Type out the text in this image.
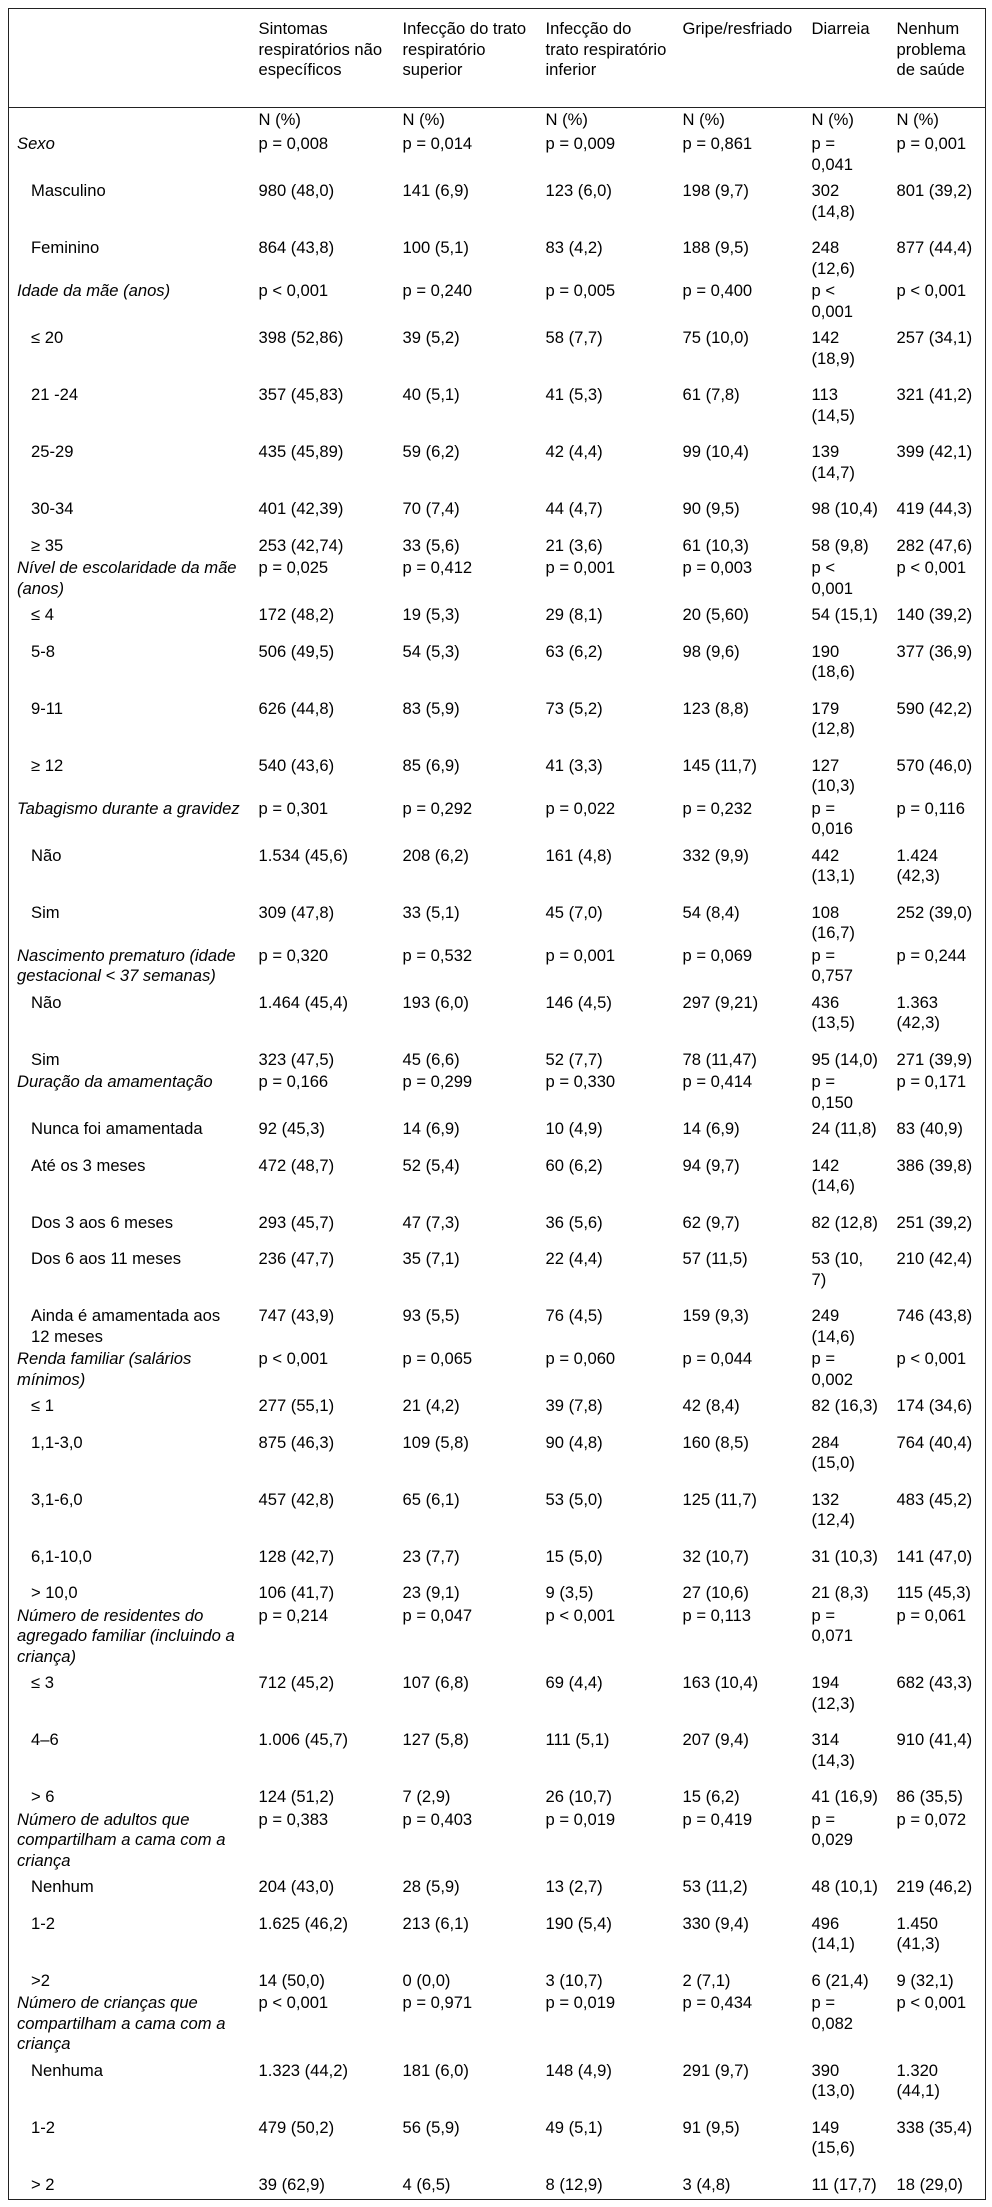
	Sintomas respiratórios não específicos	Infecção do trato respiratório superior	Infecção do trato respiratório inferior	Gripe/resfriado	Diarreia	Nenhum problema de saúde
	N (%)	N (%)	N (%)	N (%)	N (%)	N (%)
Sexo	p = 0,008	p = 0,014	p = 0,009	p = 0,861	p = 0,041	p = 0,001
Masculino	980 (48,0)	141 (6,9)	123 (6,0)	198 (9,7)	302 (14,8)	801 (39,2)
Feminino	864 (43,8)	100 (5,1)	83 (4,2)	188 (9,5)	248 (12,6)	877 (44,4)
Idade da mãe (anos)	p < 0,001	p = 0,240	p = 0,005	p = 0,400	p < 0,001	p < 0,001
≤ 20	398 (52,86)	39 (5,2)	58 (7,7)	75 (10,0)	142 (18,9)	257 (34,1)
21 -24	357 (45,83)	40 (5,1)	41 (5,3)	61 (7,8)	113 (14,5)	321 (41,2)
25-29	435 (45,89)	59 (6,2)	42 (4,4)	99 (10,4)	139 (14,7)	399 (42,1)
30-34	401 (42,39)	70 (7,4)	44 (4,7)	90 (9,5)	98 (10,4)	419 (44,3)
≥ 35	253 (42,74)	33 (5,6)	21 (3,6)	61 (10,3)	58 (9,8)	282 (47,6)
Nível de escolaridade da mãe (anos)	p = 0,025	p = 0,412	p = 0,001	p = 0,003	p < 0,001	p < 0,001
≤ 4	172 (48,2)	19 (5,3)	29 (8,1)	20 (5,60)	54 (15,1)	140 (39,2)
5-8	506 (49,5)	54 (5,3)	63 (6,2)	98 (9,6)	190 (18,6)	377 (36,9)
9-11	626 (44,8)	83 (5,9)	73 (5,2)	123 (8,8)	179 (12,8)	590 (42,2)
≥ 12	540 (43,6)	85 (6,9)	41 (3,3)	145 (11,7)	127 (10,3)	570 (46,0)
Tabagismo durante a gravidez	p = 0,301	p = 0,292	p = 0,022	p = 0,232	p = 0,016	p = 0,116
Não	1.534 (45,6)	208 (6,2)	161 (4,8)	332 (9,9)	442 (13,1)	1.424 (42,3)
Sim	309 (47,8)	33 (5,1)	45 (7,0)	54 (8,4)	108 (16,7)	252 (39,0)
Nascimento prematuro (idade gestacional < 37 semanas)	p = 0,320	p = 0,532	p = 0,001	p = 0,069	p = 0,757	p = 0,244
Não	1.464 (45,4)	193 (6,0)	146 (4,5)	297 (9,21)	436 (13,5)	1.363 (42,3)
Sim	323 (47,5)	45 (6,6)	52 (7,7)	78 (11,47)	95 (14,0)	271 (39,9)
Duração da amamentação	p = 0,166	p = 0,299	p = 0,330	p = 0,414	p = 0,150	p = 0,171
Nunca foi amamentada	92 (45,3)	14 (6,9)	10 (4,9)	14 (6,9)	24 (11,8)	83 (40,9)
Até os 3 meses	472 (48,7)	52 (5,4)	60 (6,2)	94 (9,7)	142 (14,6)	386 (39,8)
Dos 3 aos 6 meses	293 (45,7)	47 (7,3)	36 (5,6)	62 (9,7)	82 (12,8)	251 (39,2)
Dos 6 aos 11 meses	236 (47,7)	35 (7,1)	22 (4,4)	57 (11,5)	53 (10, 7)	210 (42,4)
Ainda é amamentada aos 12 meses	747 (43,9)	93 (5,5)	76 (4,5)	159 (9,3)	249 (14,6)	746 (43,8)
Renda familiar (salários mínimos)	p < 0,001	p = 0,065	p = 0,060	p = 0,044	p = 0,002	p < 0,001
≤ 1	277 (55,1)	21 (4,2)	39 (7,8)	42 (8,4)	82 (16,3)	174 (34,6)
1,1-3,0	875 (46,3)	109 (5,8)	90 (4,8)	160 (8,5)	284 (15,0)	764 (40,4)
3,1-6,0	457 (42,8)	65 (6,1)	53 (5,0)	125 (11,7)	132 (12,4)	483 (45,2)
6,1-10,0	128 (42,7)	23 (7,7)	15 (5,0)	32 (10,7)	31 (10,3)	141 (47,0)
> 10,0	106 (41,7)	23 (9,1)	9 (3,5)	27 (10,6)	21 (8,3)	115 (45,3)
Número de residentes do agregado familiar (incluindo a criança)	p = 0,214	p = 0,047	p < 0,001	p = 0,113	p = 0,071	p = 0,061
≤ 3	712 (45,2)	107 (6,8)	69 (4,4)	163 (10,4)	194 (12,3)	682 (43,3)
4–6	1.006 (45,7)	127 (5,8)	111 (5,1)	207 (9,4)	314 (14,3)	910 (41,4)
> 6	124 (51,2)	7 (2,9)	26 (10,7)	15 (6,2)	41 (16,9)	86 (35,5)
Número de adultos que compartilham a cama com a criança	p = 0,383	p = 0,403	p = 0,019	p = 0,419	p = 0,029	p = 0,072
Nenhum	204 (43,0)	28 (5,9)	13 (2,7)	53 (11,2)	48 (10,1)	219 (46,2)
1-2	1.625 (46,2)	213 (6,1)	190 (5,4)	330 (9,4)	496 (14,1)	1.450 (41,3)
>2	14 (50,0)	0 (0,0)	3 (10,7)	2 (7,1)	6 (21,4)	9 (32,1)
Número de crianças que compartilham a cama com a criança	p < 0,001	p = 0,971	p = 0,019	p = 0,434	p = 0,082	p < 0,001
Nenhuma	1.323 (44,2)	181 (6,0)	148 (4,9)	291 (9,7)	390 (13,0)	1.320 (44,1)
1-2	479 (50,2)	56 (5,9)	49 (5,1)	91 (9,5)	149 (15,6)	338 (35,4)
> 2	39 (62,9)	4 (6,5)	8 (12,9)	3 (4,8)	11 (17,7)	18 (29,0)
